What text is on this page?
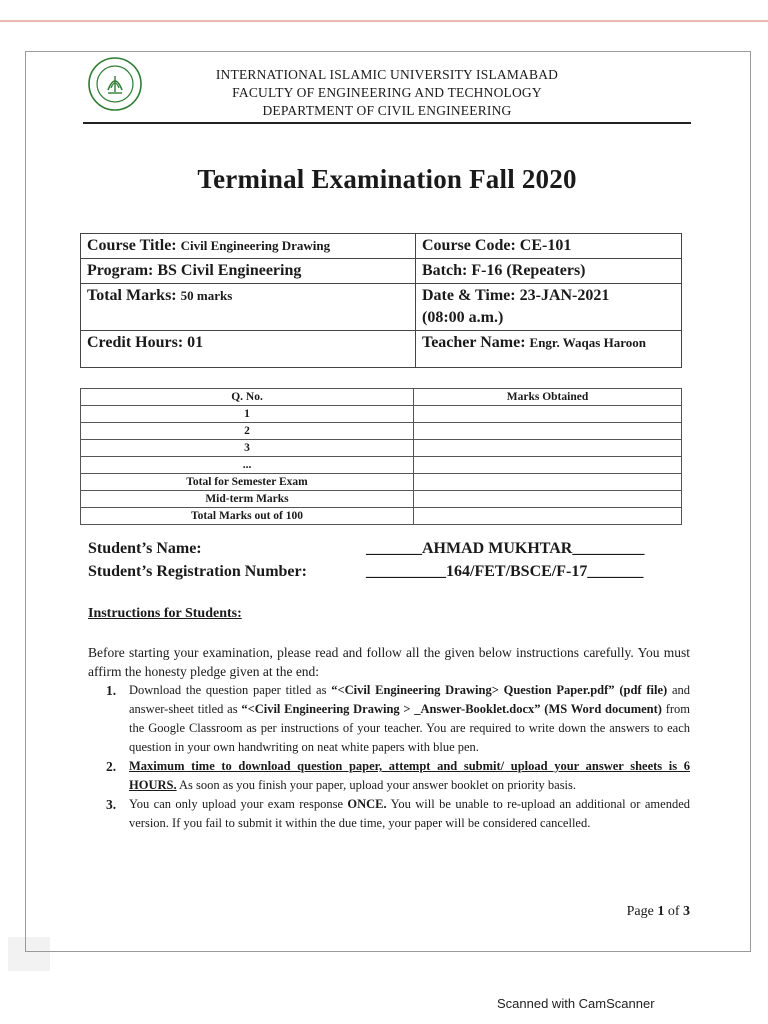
INTERNATIONAL ISLAMIC UNIVERSITY ISLAMABAD
FACULTY OF ENGINEERING AND TECHNOLOGY
DEPARTMENT OF CIVIL ENGINEERING
Terminal Examination Fall 2020
Course Title: Civil Engineering Drawing	Course Code: CE-101
Program: BS Civil Engineering	Batch: F-16 (Repeaters)
Total Marks: 50 marks	Date & Time: 23-JAN-2021
(08:00 a.m.)
Credit Hours: 01	Teacher Name: Engr. Waqas Haroon
Q. No.	Marks Obtained
1	
2	
3	
...	
Total for Semester Exam	
Mid-term Marks	
Total Marks out of 100	
Student’s Name:	_______AHMAD MUKHTAR_________
Student’s Registration Number:	__________164/FET/BSCE/F-17_______
Instructions for Students:
Before starting your examination, please read and follow all the given below instructions carefully. You must affirm the honesty pledge given at the end:
1. Download the question paper titled as “<Civil Engineering Drawing> Question Paper.pdf” (pdf file) and answer-sheet titled as “<Civil Engineering Drawing > _Answer-Booklet.docx” (MS Word document) from the Google Classroom as per instructions of your teacher. You are required to write down the answers to each question in your own handwriting on neat white papers with blue pen.
2. Maximum time to download question paper, attempt and submit/ upload your answer sheets is 6 HOURS. As soon as you finish your paper, upload your answer booklet on priority basis.
3. You can only upload your exam response ONCE. You will be unable to re-upload an additional or amended version. If you fail to submit it within the due time, your paper will be considered cancelled.
Page 1 of 3
Scanned with CamScanner
